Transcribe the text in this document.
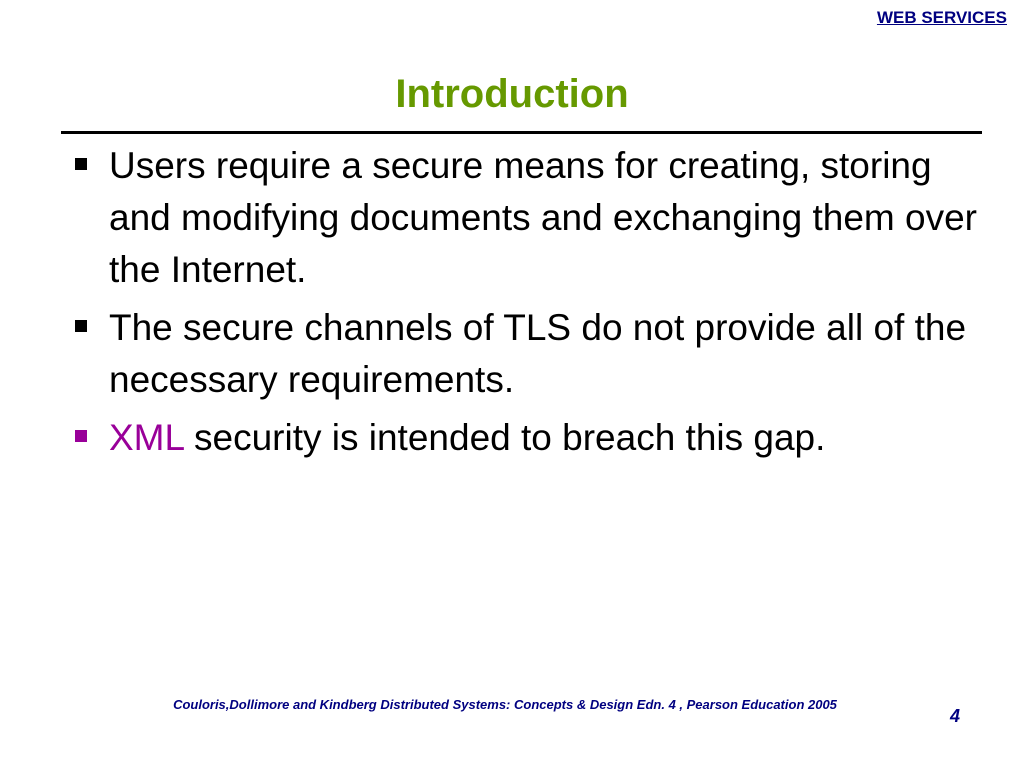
WEB SERVICES
Introduction
Users require a secure means for creating, storing and modifying documents and exchanging them over the Internet.
The secure channels of TLS do not provide all of the necessary requirements.
XML security is intended to breach this gap.
Couloris,Dollimore and Kindberg Distributed Systems: Concepts & Design Edn. 4 , Pearson Education 2005
4
